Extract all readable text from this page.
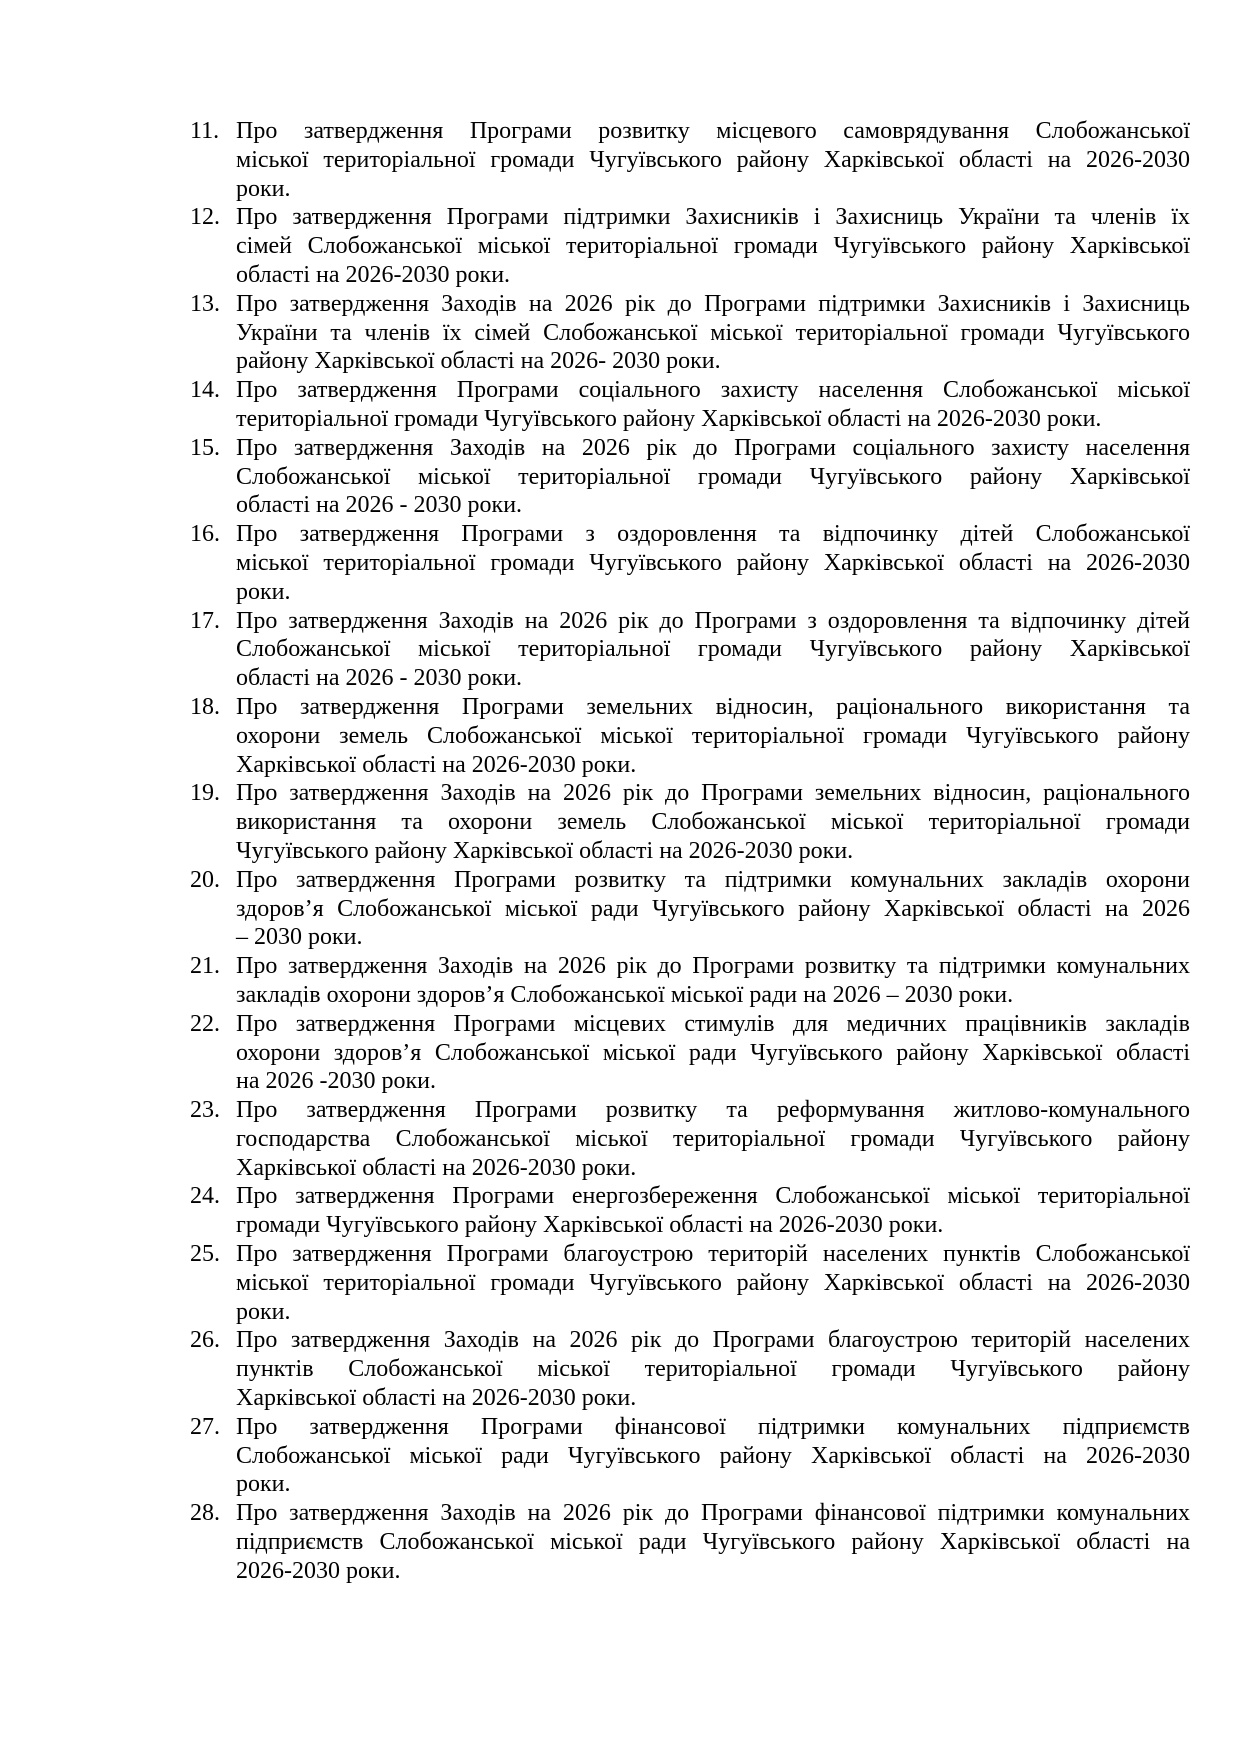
11. Про затвердження Програми розвитку місцевого самоврядування Слобожанської
міської територіальної громади Чугуївського району Харківської області на 2026-2030
роки.
12. Про затвердження Програми підтримки Захисників і Захисниць України та членів їх
сімей Слобожанської міської територіальної громади Чугуївського району Харківської
області на 2026-2030 роки.
13. Про затвердження Заходів на 2026 рік до Програми підтримки Захисників і Захисниць
України та членів їх сімей Слобожанської міської територіальної громади Чугуївського
району Харківської області на 2026- 2030 роки.
14. Про затвердження Програми соціального захисту населення Слобожанської міської
територіальної громади Чугуївського району Харківської області на 2026-2030 роки.
15. Про затвердження Заходів на 2026 рік до Програми соціального захисту населення
Слобожанської міської територіальної громади Чугуївського району Харківської
області на 2026 - 2030 роки.
16. Про затвердження Програми з оздоровлення та відпочинку дітей Слобожанської
міської територіальної громади Чугуївського району Харківської області на 2026-2030
роки.
17. Про затвердження Заходів на 2026 рік до Програми з оздоровлення та відпочинку дітей
Слобожанської міської територіальної громади Чугуївського району Харківської
області на 2026 - 2030 роки.
18. Про затвердження Програми земельних відносин, раціонального використання та
охорони земель Слобожанської міської територіальної громади Чугуївського району
Харківської області на 2026-2030 роки.
19. Про затвердження Заходів на 2026 рік до Програми земельних відносин, раціонального
використання та охорони земель Слобожанської міської територіальної громади
Чугуївського району Харківської області на 2026-2030 роки.
20. Про затвердження Програми розвитку та підтримки комунальних закладів охорони
здоров’я Слобожанської міської ради Чугуївського району Харківської області на 2026
– 2030 роки.
21. Про затвердження Заходів на 2026 рік до Програми розвитку та підтримки комунальних
закладів охорони здоров’я Слобожанської міської ради на 2026 – 2030 роки.
22. Про затвердження Програми місцевих стимулів для медичних працівників закладів
охорони здоров’я Слобожанської міської ради Чугуївського району Харківської області
на 2026 -2030 роки.
23. Про затвердження Програми розвитку та реформування житлово-комунального
господарства Слобожанської міської територіальної громади Чугуївського району
Харківської області на 2026-2030 роки.
24. Про затвердження Програми енергозбереження Слобожанської міської територіальної
громади Чугуївського району Харківської області на 2026-2030 роки.
25. Про затвердження Програми благоустрою територій населених пунктів Слобожанської
міської територіальної громади Чугуївського району Харківської області на 2026-2030
роки.
26. Про затвердження Заходів на 2026 рік до Програми благоустрою територій населених
пунктів Слобожанської міської територіальної громади Чугуївського району
Харківської області на 2026-2030 роки.
27. Про затвердження Програми фінансової підтримки комунальних підприємств
Слобожанської міської ради Чугуївського району Харківської області на 2026-2030
роки.
28. Про затвердження Заходів на 2026 рік до Програми фінансової підтримки комунальних
підприємств Слобожанської міської ради Чугуївського району Харківської області на
2026-2030 роки.
